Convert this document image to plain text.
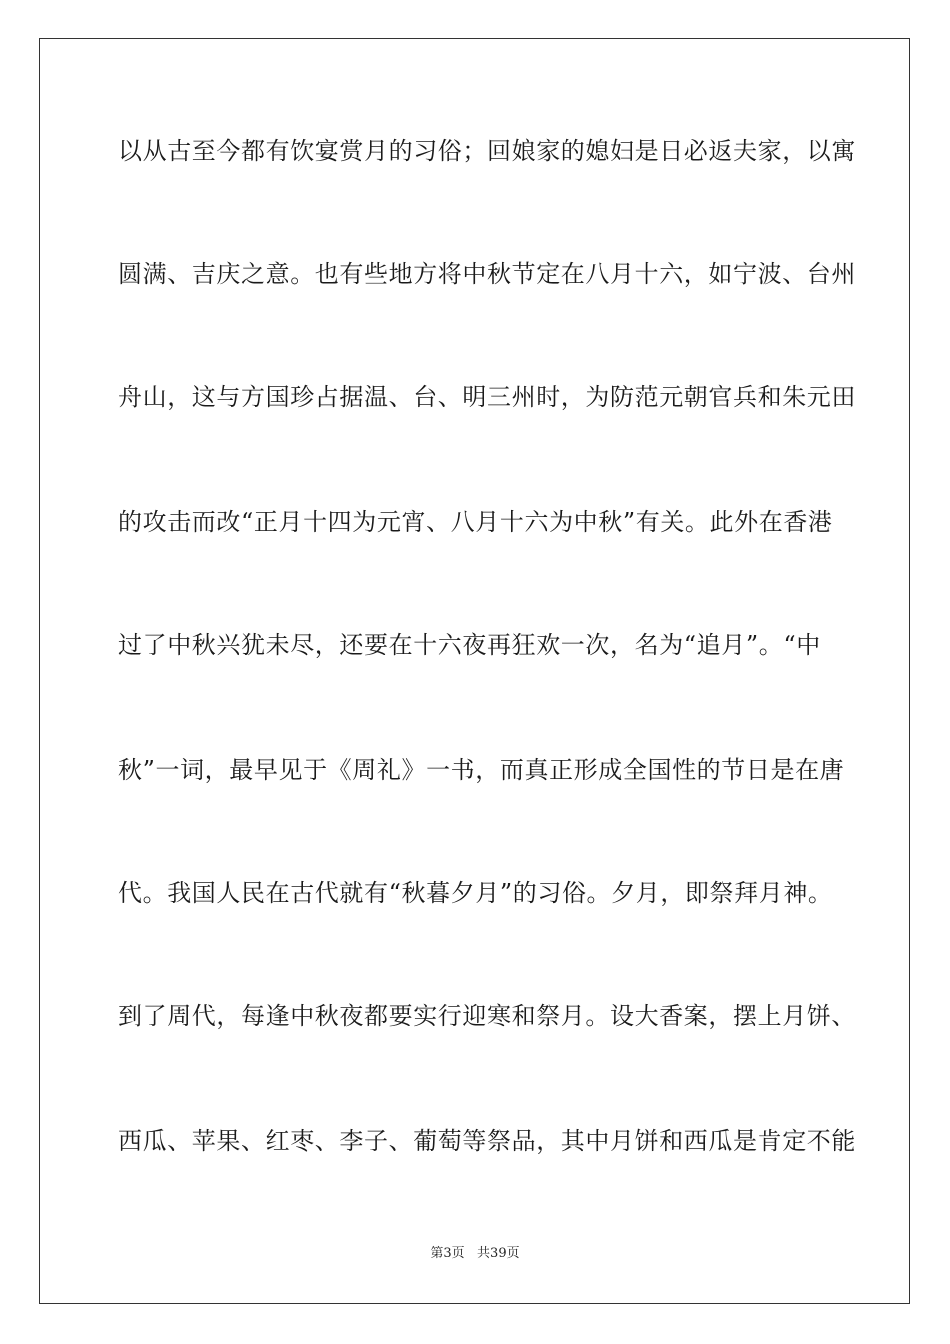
以从古至今都有饮宴赏月的习俗；回娘家的媳妇是日必返夫家，以寓
圆满、吉庆之意。也有些地方将中秋节定在八月十六，如宁波、台州
舟山，这与方国珍占据温、台、明三州时，为防范元朝官兵和朱元田
的攻击而改“正月十四为元宵、八月十六为中秋”有关。此外在香港
过了中秋兴犹未尽，还要在十六夜再狂欢一次，名为“追月”。“中
秋”一词，最早见于《周礼》一书，而真正形成全国性的节日是在唐
代。我国人民在古代就有“秋暮夕月”的习俗。夕月，即祭拜月神。
到了周代，每逢中秋夜都要实行迎寒和祭月。设大香案，摆上月饼、
西瓜、苹果、红枣、李子、葡萄等祭品，其中月饼和西瓜是肯定不能
第3页   共39页
